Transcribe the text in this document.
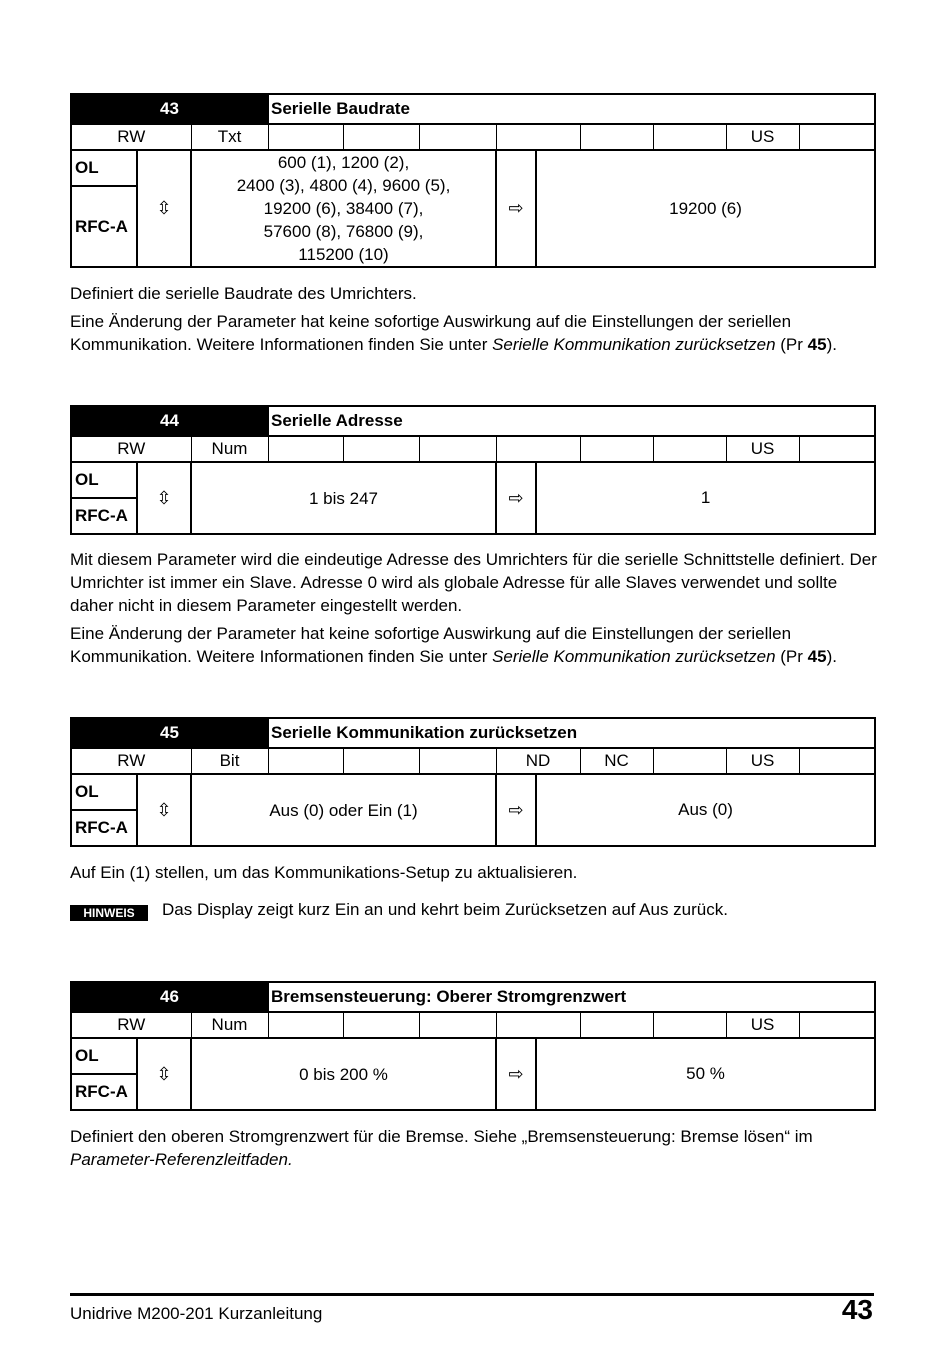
43			Serielle Baudrate								
RW		Txt								US	
OL	⇳	600 (1), 1200 (2),
2400 (3), 4800 (4), 9600 (5),
19200 (6), 38400 (7),
57600 (8), 76800 (9),
115200 (10)				⇨	19200 (6)				
RFC-A											

Definiert die serielle Baudrate des Umrichters.

Eine Änderung der Parameter hat keine sofortige Auswirkung auf die Einstellungen der seriellen Kommunikation. Weitere Informationen finden Sie unter Serielle Kommunikation zurücksetzen (Pr 45).

44			Serielle Adresse								
RW		Num								US	
OL	⇳	1 bis 247				⇨	1				
RFC-A											

Mit diesem Parameter wird die eindeutige Adresse des Umrichters für die serielle Schnittstelle definiert. Der Umrichter ist immer ein Slave. Adresse 0 wird als globale Adresse für alle Slaves verwendet und sollte daher nicht in diesem Parameter eingestellt werden.

Eine Änderung der Parameter hat keine sofortige Auswirkung auf die Einstellungen der seriellen Kommunikation. Weitere Informationen finden Sie unter Serielle Kommunikation zurücksetzen (Pr 45).

45			Serielle Kommunikation zurücksetzen								
RW		Bit				ND		NC		US	
OL	⇳	Aus (0) oder Ein (1)				⇨	Aus (0)				
RFC-A											

Auf Ein (1) stellen, um das Kommunikations-Setup zu aktualisieren.

HINWEIS	Das Display zeigt kurz Ein an und kehrt beim Zurücksetzen auf Aus zurück.

46			Bremsensteuerung: Oberer Stromgrenzwert								
RW		Num								US	
OL	⇳	0 bis 200 %				⇨	50 %				
RFC-A											

Definiert den oberen Stromgrenzwert für die Bremse. Siehe „Bremsensteuerung: Bremse lösen“ im Parameter-Referenzleitfaden.

Unidrive M200-201 Kurzanleitung	43
